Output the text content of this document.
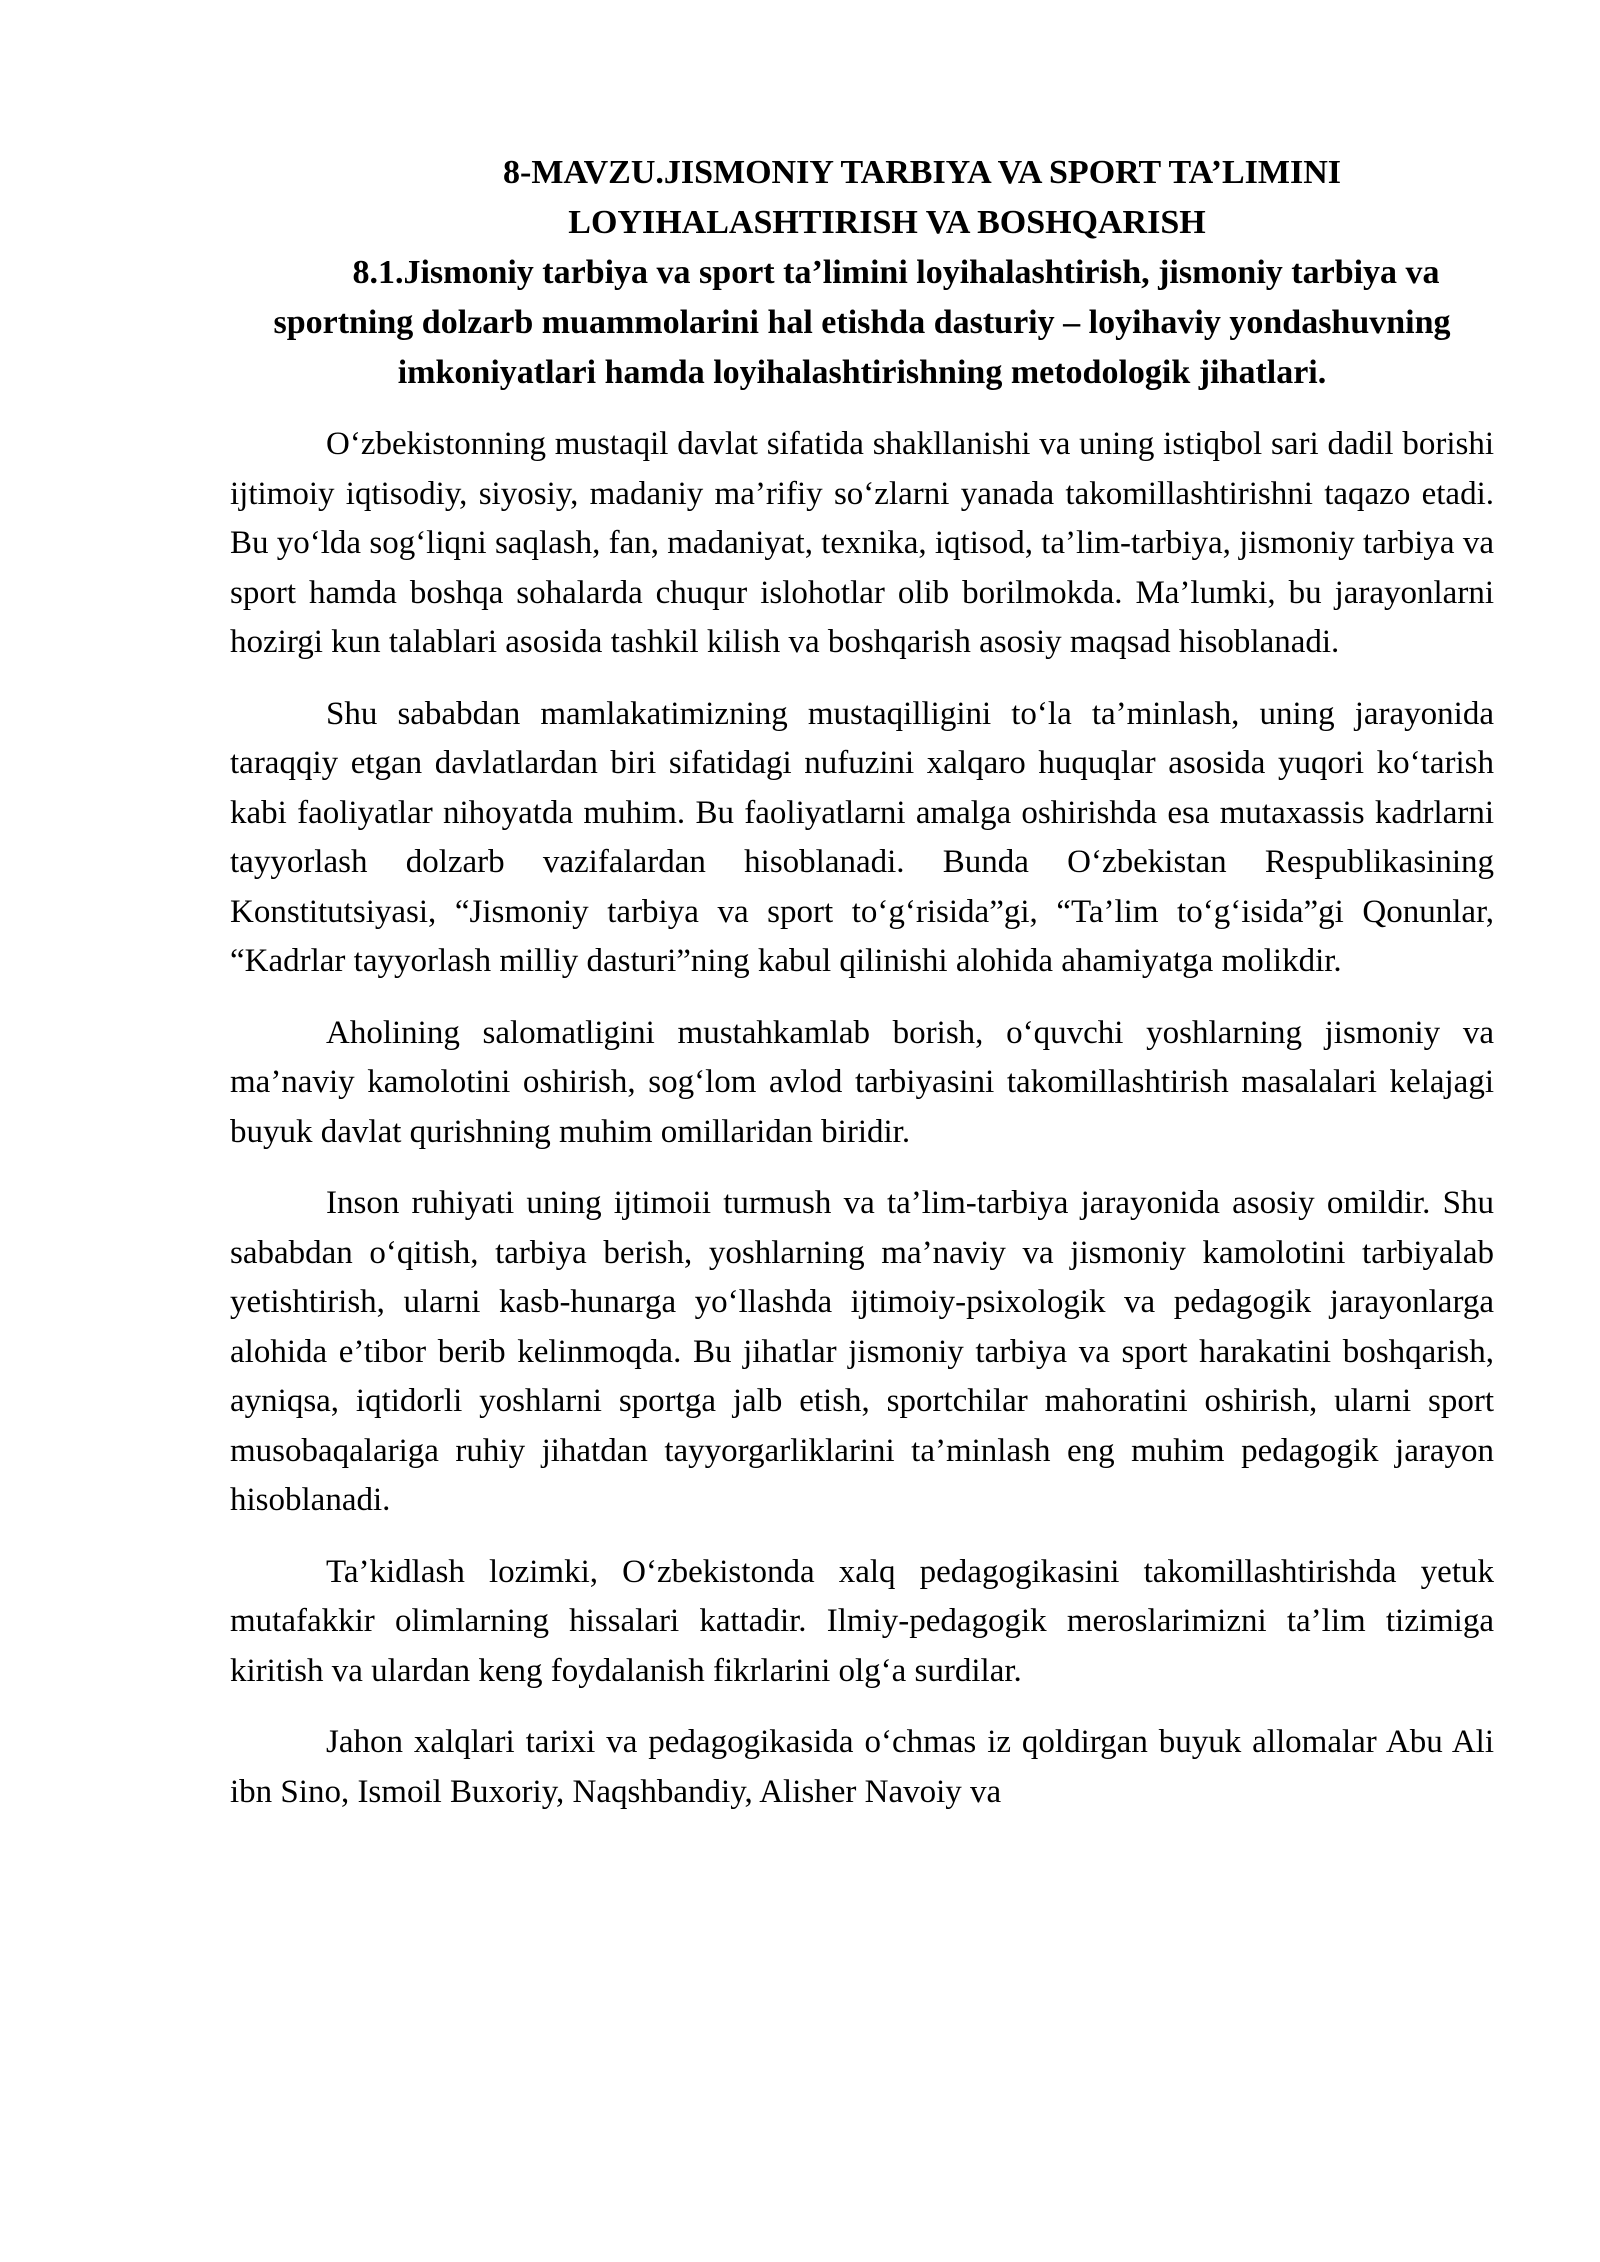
8-MAVZU.JISMONIY TARBIYA VA SPORT TA’LIMINI
LOYIHALASHTIRISH VA BOSHQARISH
8.1.Jismoniy tarbiya va sport ta’limini loyihalashtirish, jismoniy tarbiya va sportning dolzarb muammolarini hal etishda dasturiy – loyihaviy yondashuvning imkoniyatlari hamda loyihalashtirishning metodologik jihatlari.

O‘zbekistonning mustaqil davlat sifatida shakllanishi va uning istiqbol sari dadil borishi ijtimoiy iqtisodiy, siyosiy, madaniy ma’rifiy so‘zlarni yanada takomillashtirishni taqazo etadi. Bu yo‘lda sog‘liqni saqlash, fan, madaniyat, texnika, iqtisod, ta’lim-tarbiya, jismoniy tarbiya va sport hamda boshqa sohalarda chuqur islohotlar olib borilmokda. Ma’lumki, bu jarayonlarni hozirgi kun talablari asosida tashkil kilish va boshqarish asosiy maqsad hisoblanadi.

Shu sababdan mamlakatimizning mustaqilligini to‘la ta’minlash, uning jarayonida taraqqiy etgan davlatlardan biri sifatidagi nufuzini xalqaro huquqlar asosida yuqori ko‘tarish kabi faoliyatlar nihoyatda muhim. Bu faoliyatlarni amalga oshirishda esa mutaxassis kadrlarni tayyorlash dolzarb vazifalardan hisoblanadi. Bunda O‘zbekistan Respublikasining Konstitutsiyasi, “Jismoniy tarbiya va sport to‘g‘risida”gi, “Ta’lim to‘g‘isida”gi Qonunlar, “Kadrlar tayyorlash milliy dasturi”ning kabul qilinishi alohida ahamiyatga molikdir.

Aholining salomatligini mustahkamlab borish, o‘quvchi yoshlarning jismoniy va ma’naviy kamolotini oshirish, sog‘lom avlod tarbiyasini takomillashtirish masalalari kelajagi buyuk davlat qurishning muhim omillaridan biridir.

Inson ruhiyati uning ijtimoii turmush va ta’lim-tarbiya jarayonida asosiy omildir. Shu sababdan o‘qitish, tarbiya berish, yoshlarning ma’naviy va jismoniy kamolotini tarbiyalab yetishtirish, ularni kasb-hunarga yo‘llashda ijtimoiy-psixologik va pedagogik jarayonlarga alohida e’tibor berib kelinmoqda. Bu jihatlar jismoniy tarbiya va sport harakatini boshqarish, ayniqsa, iqtidorli yoshlarni sportga jalb etish, sportchilar mahoratini oshirish, ularni sport musobaqalariga ruhiy jihatdan tayyorgarliklarini ta’minlash eng muhim pedagogik jarayon hisoblanadi.

Ta’kidlash lozimki, O‘zbekistonda xalq pedagogikasini takomillashtirishda yetuk mutafakkir olimlarning hissalari kattadir. Ilmiy-pedagogik meroslarimizni ta’lim tizimiga kiritish va ulardan keng foydalanish fikrlarini olg‘a surdilar.

Jahon xalqlari tarixi va pedagogikasida o‘chmas iz qoldirgan buyuk allomalar Abu Ali ibn Sino, Ismoil Buxoriy, Naqshbandiy, Alisher Navoiy va
